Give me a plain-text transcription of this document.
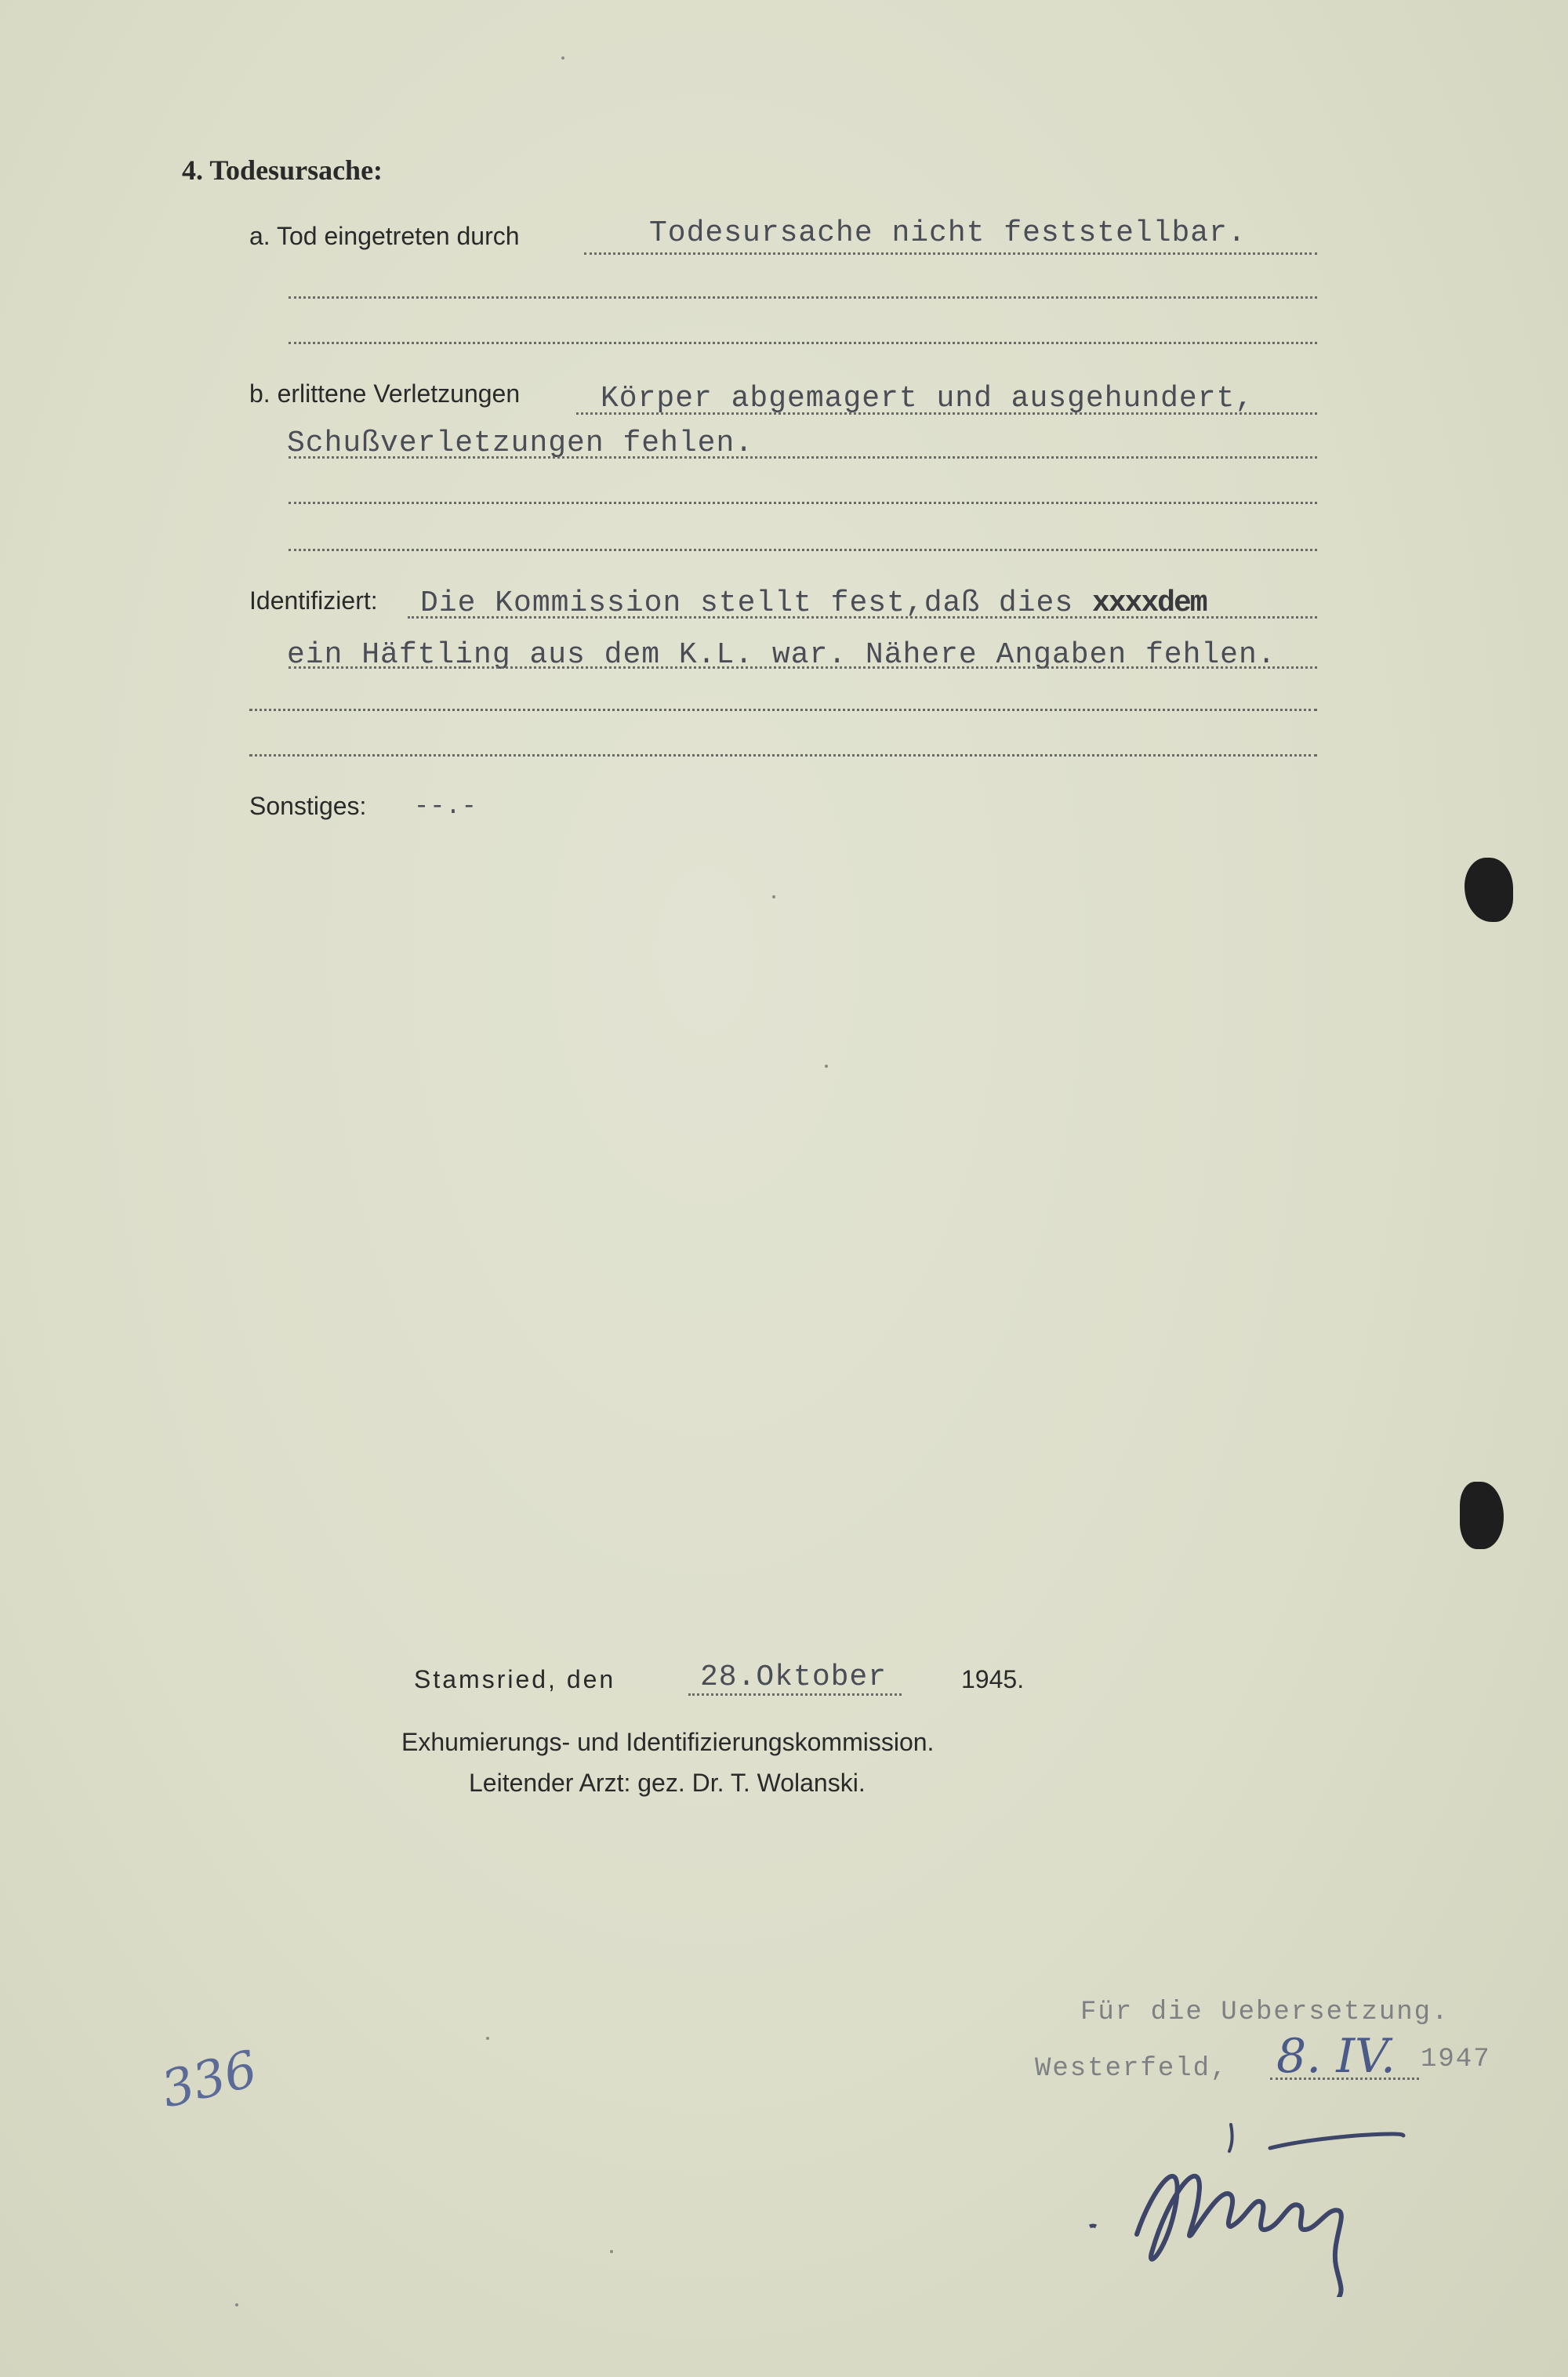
4. Todesursache:
a. Tod eingetreten durch	Todesursache nicht feststellbar.
b. erlittene Verletzungen	Körper abgemagert und ausgehundert,
Schußverletzungen fehlen.
Identifiziert: Die Kommission stellt fest,daß dies xxxxdem
ein Häftling aus dem K.L. war. Nähere Angaben fehlen.
Sonstiges: --.-
Stamsried, den	28.Oktober	1945.
Exhumierungs- und Identifizierungskommission.
Leitender Arzt: gez. Dr. T. Wolanski.
Für die Uebersetzung.
Westerfeld, 8. IV. 1947
336
